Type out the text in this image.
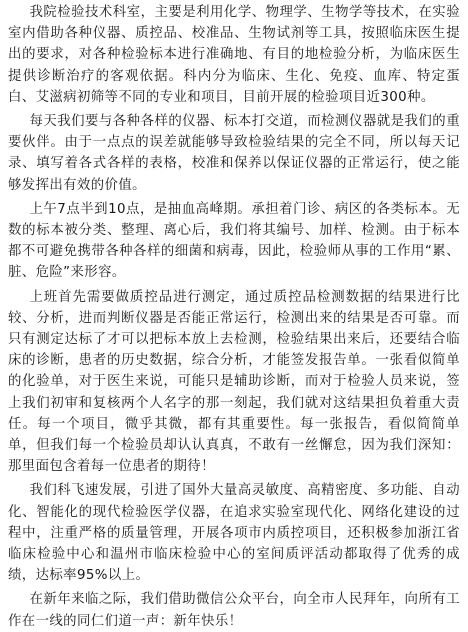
我院检验技术科室，主要是利用化学、物理学、生物学等技术，在实验室内借助各种仪器、质控品、校准品、生物试剂等工具，按照临床医生提出的要求，对各种检验标本进行准确地、有目的地检验分析，为临床医生提供诊断治疗的客观依据。科内分为临床、生化、免疫、血库、特定蛋白、艾滋病初筛等不同的专业和项目，目前开展的检验项目近300种。

每天我们要与各种各样的仪器、标本打交道，而检测仪器就是我们的重要伙伴。由于一点点的误差就能够导致检验结果的完全不同，所以每天记录、填写着各式各样的表格，校准和保养以保证仪器的正常运行，使之能够发挥出有效的价值。

上午7点半到10点，是抽血高峰期。承担着门诊、病区的各类标本。无数的标本被分类、整理、离心后，我们将其编号、加样、检测。由于标本都不可避免携带各种各样的细菌和病毒，因此，检验师从事的工作用“累、脏、危险”来形容。

上班首先需要做质控品进行测定，通过质控品检测数据的结果进行比较、分析，进而判断仪器是否能正常运行，检测出来的结果是否可靠。而只有测定达标了才可以把标本放上去检测，检验结果出来后，还要结合临床的诊断，患者的历史数据，综合分析，才能签发报告单。一张看似简单的化验单，对于医生来说，可能只是辅助诊断，而对于检验人员来说，签上我们初审和复核两个人名字的那一刻起，我们就对这结果担负着重大责任。每一个项目，微乎其微，都有其重要性。每一张报告，看似简简单单，但我们每一个检验员却认认真真，不敢有一丝懈怠，因为我们深知：那里面包含着每一位患者的期待！

我们科飞速发展，引进了国外大量高灵敏度、高精密度、多功能、自动化、智能化的现代检验医学仪器，在追求实验室现代化、网络化建设的过程中，注重严格的质量管理，开展各项市内质控项目，还积极参加浙江省临床检验中心和温州市临床检验中心的室间质评活动都取得了优秀的成绩，达标率95%以上。

在新年来临之际，我们借助微信公众平台，向全市人民拜年，向所有工作在一线的同仁们道一声：新年快乐！
